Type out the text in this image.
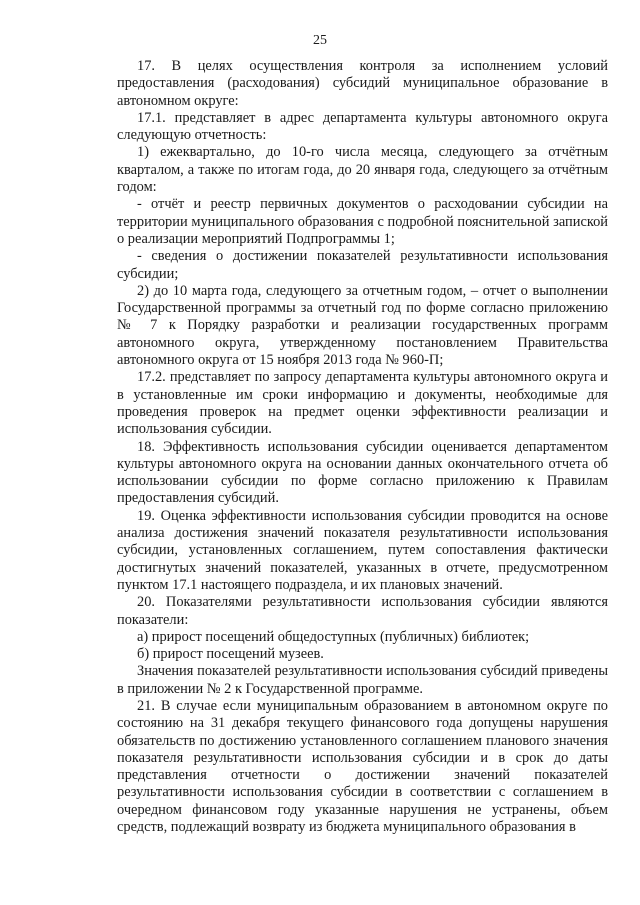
25

17. В целях осуществления контроля за исполнением условий предоставления (расходования) субсидий муниципальное образование в автономном округе:

17.1. представляет в адрес департамента культуры автономного округа следующую отчетность:

1) ежеквартально, до 10-го числа месяца, следующего за отчётным кварталом, а также по итогам года, до 20 января года, следующего за отчётным годом:

- отчёт и реестр первичных документов о расходовании субсидии на территории муниципального образования с подробной пояснительной запиской о реализации мероприятий Подпрограммы 1;

- сведения о достижении показателей результативности использования субсидии;

2) до 10 марта года, следующего за отчетным годом, – отчет о выполнении Государственной программы за отчетный год по форме согласно приложению № 7 к Порядку разработки и реализации государственных программ автономного округа, утвержденному постановлением Правительства автономного округа от 15 ноября 2013 года № 960-П;

17.2. представляет по запросу департамента культуры автономного округа и в установленные им сроки информацию и документы, необходимые для проведения проверок на предмет оценки эффективности реализации и использования субсидии.

18. Эффективность использования субсидии оценивается департаментом культуры автономного округа на основании данных окончательного отчета об использовании субсидии по форме согласно приложению к Правилам предоставления субсидий.

19. Оценка эффективности использования субсидии проводится на основе анализа достижения значений показателя результативности использования субсидии, установленных соглашением, путем сопоставления фактически достигнутых значений показателей, указанных в отчете, предусмотренном пунктом 17.1 настоящего подраздела, и их плановых значений.

20. Показателями результативности использования субсидии являются показатели:

а) прирост посещений общедоступных (публичных) библиотек;

б) прирост посещений музеев.

Значения показателей результативности использования субсидий приведены в приложении № 2 к Государственной программе.

21. В случае если муниципальным образованием в автономном округе по состоянию на 31 декабря текущего финансового года допущены нарушения обязательств по достижению установленного соглашением планового значения показателя результативности использования субсидии и в срок до даты представления отчетности о достижении значений показателей результативности использования субсидии в соответствии с соглашением в очередном финансовом году указанные нарушения не устранены, объем средств, подлежащий возврату из бюджета муниципального образования в
